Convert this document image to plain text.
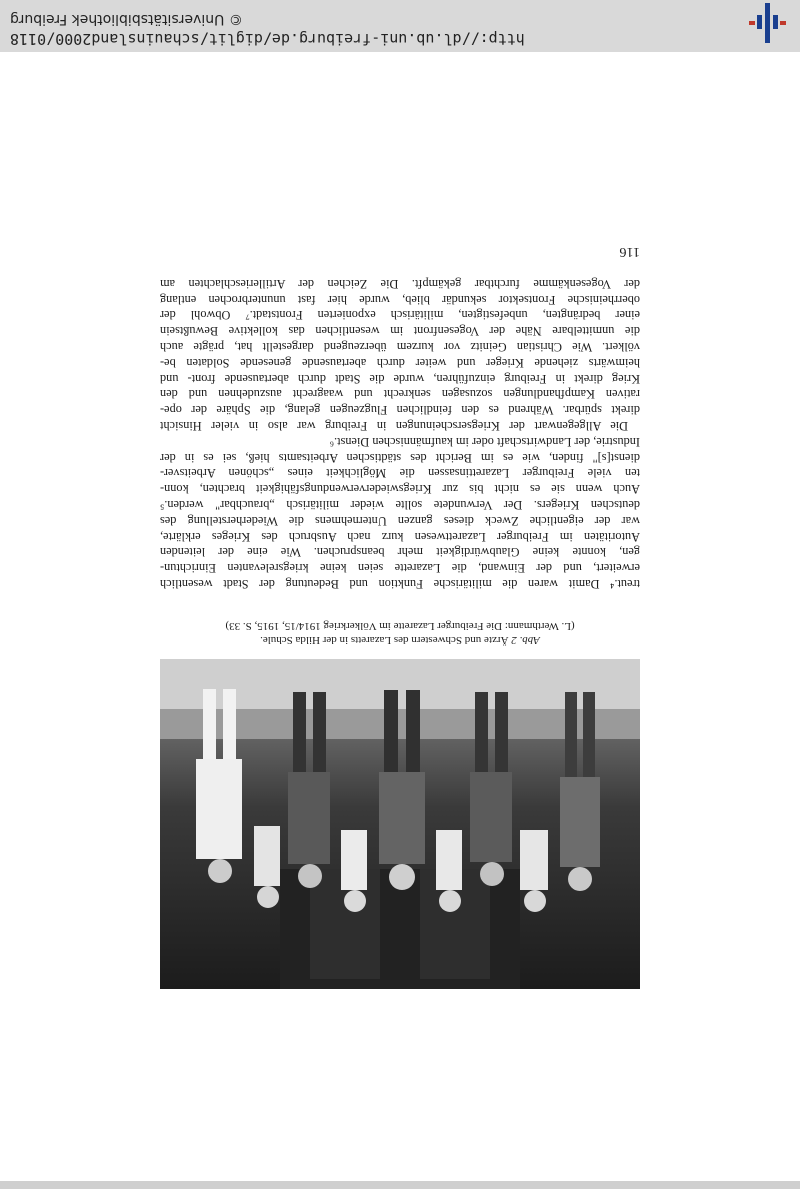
Abb. 2 Ärzte und Schwestern des Lazaretts in der Hilda Schule.
(L. Werthmann: Die Freiburger Lazarette im Völkerkrieg 1914/15, 1915, S. 33)
treut.⁴ Damit waren die militärische Funktion und Bedeutung der Stadt wesentlich
erweitert, und der Einwand, die Lazarette seien keine kriegsrelevanten Einrichtun-
gen, konnte keine Glaubwürdigkeit mehr beanspruchen. Wie eine der leitenden
Autoritäten im Freiburger Lazarettwesen kurz nach Ausbruch des Krieges erklärte,
war der eigentliche Zweck dieses ganzen Unternehmens die Wiederherstellung des
deutschen Kriegers. Der Verwundete sollte wieder militärisch „brauchbar" werden.⁵
Auch wenn sie es nicht bis zur Kriegswiederverwendungsfähigkeit brachten, konn-
ten viele Freiburger Lazarettinsassen die Möglichkeit eines „schönen Arbeitsver-
dienst[s]" finden, wie es im Bericht des städtischen Arbeitsamts hieß, sei es in der
Industrie, der Landwirtschaft oder im kaufmännischen Dienst.⁶
Die Allgegenwart der Kriegserscheinungen in Freiburg war also in vieler Hinsicht
direkt spürbar. Während es den feindlichen Flugzeugen gelang, die Sphäre der ope-
rativen Kampfhandlungen sozusagen senkrecht und waagrecht auszudehnen und den
Krieg direkt in Freiburg einzuführen, wurde die Stadt durch abertausende front- und
heimwärts ziehende Krieger und weiter durch abertausende genesende Soldaten be-
völkert. Wie Christian Geinitz vor kurzem überzeugend dargestellt hat, prägte auch
die unmittelbare Nähe der Vogesenfront im wesentlichen das kollektive Bewußtsein
einer bedrängten, unbefestigten, militärisch exponierten Frontstadt.⁷ Obwohl der
oberrheinische Frontsektor sekundär blieb, wurde hier fast ununterbrochen entlang
der Vogesenkämme furchtbar gekämpft. Die Zeichen der Artillerieschlachten am
116
http://dl.ub.uni-freiburg.de/diglit/schauinsland2000/0118
© Universitätsbibliothek Freiburg
